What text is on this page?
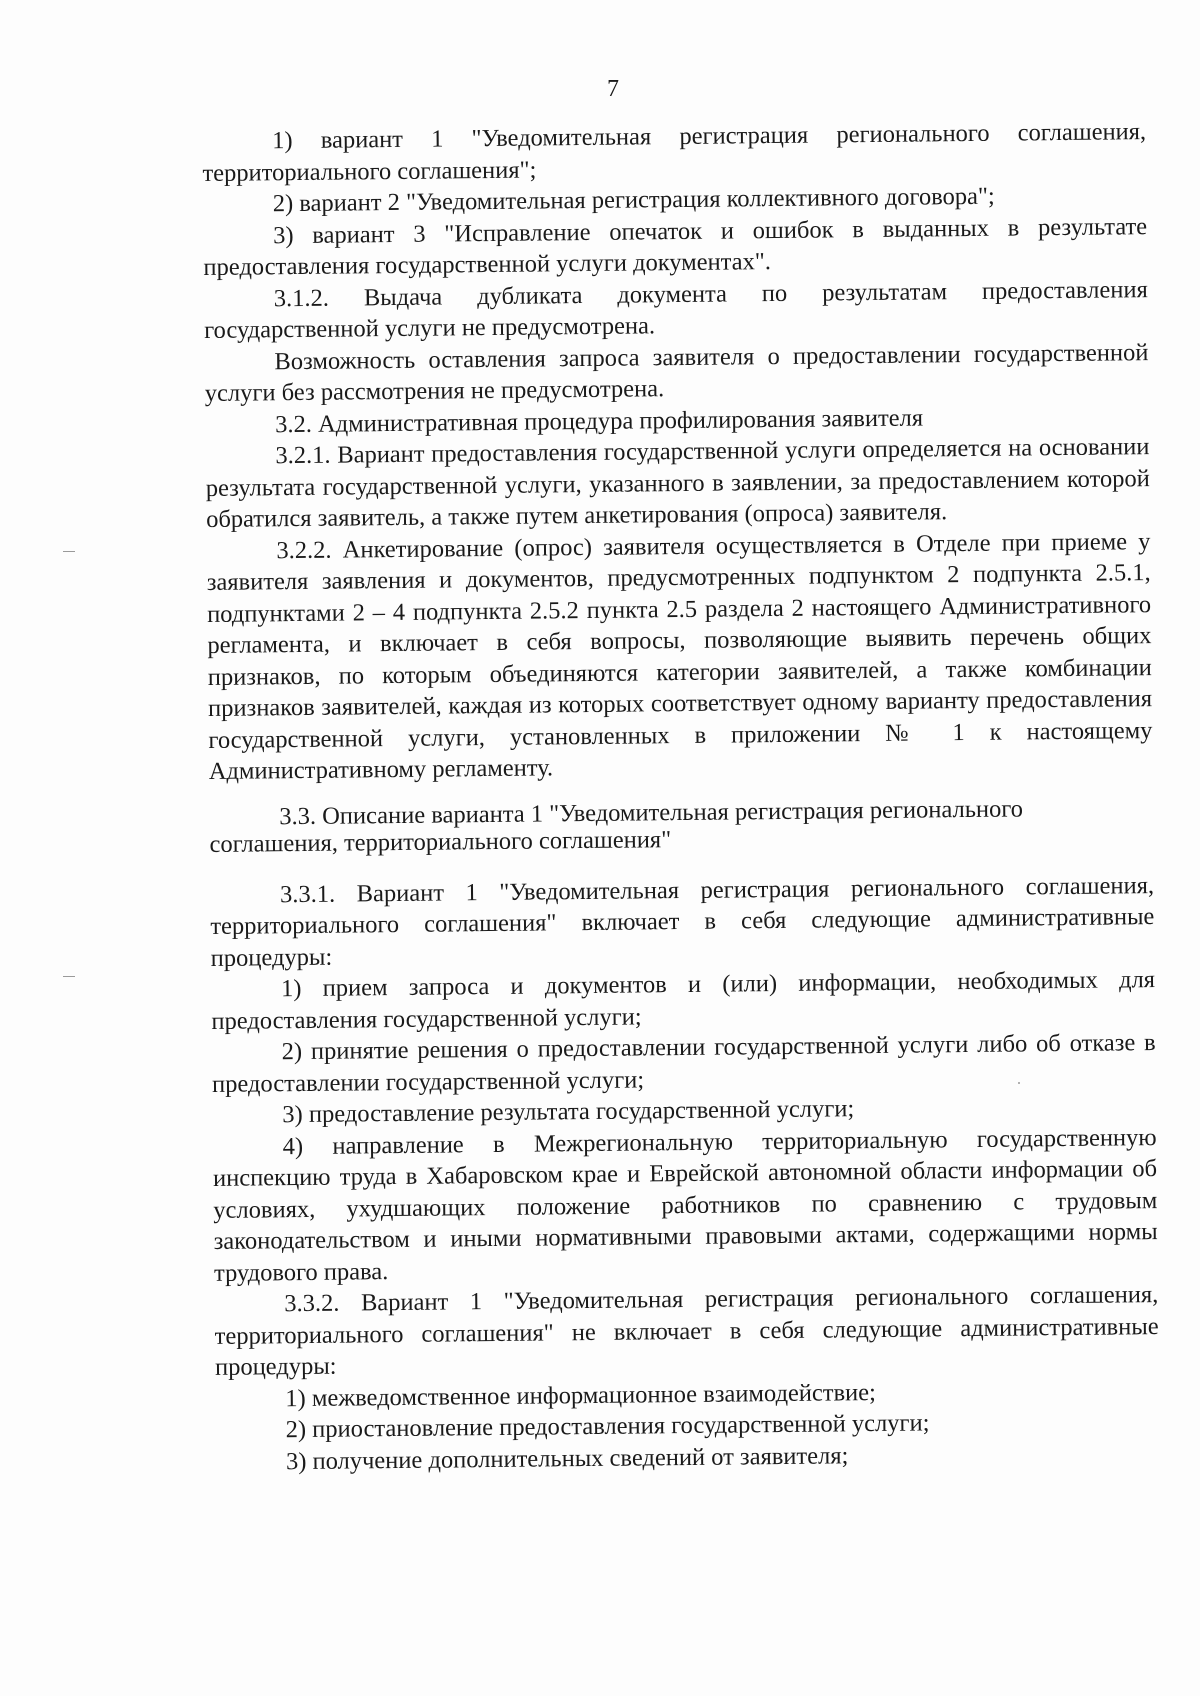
7

1) вариант 1 "Уведомительная регистрация регионального соглашения, территориального соглашения";

2) вариант 2 "Уведомительная регистрация коллективного договора";

3) вариант 3 "Исправление опечаток и ошибок в выданных в результате предоставления государственной услуги документах".

3.1.2. Выдача дубликата документа по результатам предоставления государственной услуги не предусмотрена.

Возможность оставления запроса заявителя о предоставлении государственной услуги без рассмотрения не предусмотрена.

3.2. Административная процедура профилирования заявителя

3.2.1. Вариант предоставления государственной услуги определяется на основании результата государственной услуги, указанного в заявлении, за предоставлением которой обратился заявитель, а также путем анкетирования (опроса) заявителя.

3.2.2. Анкетирование (опрос) заявителя осуществляется в Отделе при приеме у заявителя заявления и документов, предусмотренных подпунктом 2 подпункта 2.5.1, подпунктами 2 – 4 подпункта 2.5.2 пункта 2.5 раздела 2 настоящего Административного регламента, и включает в себя вопросы, позволяющие выявить перечень общих признаков, по которым объединяются категории заявителей, а также комбинации признаков заявителей, каждая из которых соответствует одному варианту предоставления государственной услуги, установленных в приложении № 1 к настоящему Административному регламенту.

3.3. Описание варианта 1 "Уведомительная регистрация регионального соглашения, территориального соглашения"

3.3.1. Вариант 1 "Уведомительная регистрация регионального соглашения, территориального соглашения" включает в себя следующие административные процедуры:

1) прием запроса и документов и (или) информации, необходимых для предоставления государственной услуги;

2) принятие решения о предоставлении государственной услуги либо об отказе в предоставлении государственной услуги;

3) предоставление результата государственной услуги;

4) направление в Межрегиональную территориальную государственную инспекцию труда в Хабаровском крае и Еврейской автономной области информации об условиях, ухудшающих положение работников по сравнению с трудовым законодательством и иными нормативными правовыми актами, содержащими нормы трудового права.

3.3.2. Вариант 1 "Уведомительная регистрация регионального соглашения, территориального соглашения" не включает в себя следующие административные процедуры:

1) межведомственное информационное взаимодействие;

2) приостановление предоставления государственной услуги;

3) получение дополнительных сведений от заявителя;
